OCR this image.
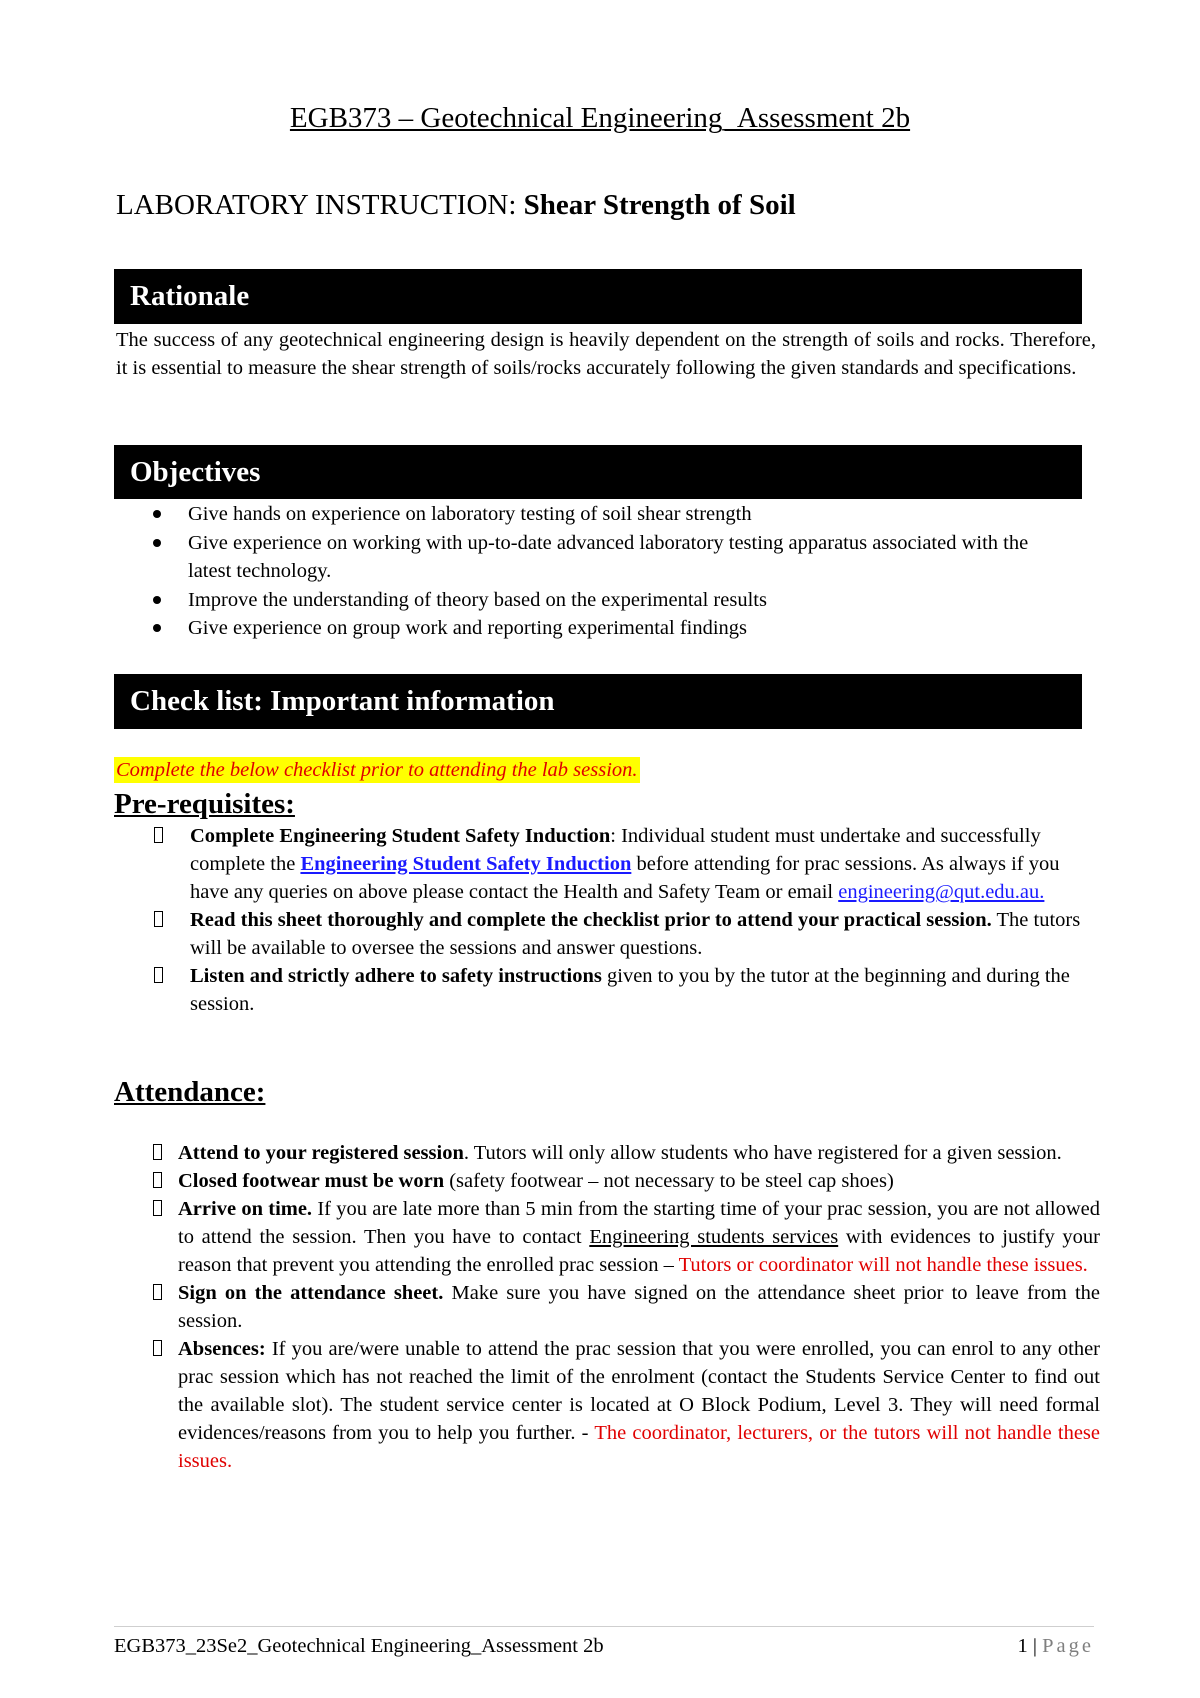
EGB373 – Geotechnical Engineering_Assessment 2b
LABORATORY INSTRUCTION: Shear Strength of Soil
Rationale
The success of any geotechnical engineering design is heavily dependent on the strength of soils and rocks. Therefore, it is essential to measure the shear strength of soils/rocks accurately following the given standards and specifications.
Objectives
Give hands on experience on laboratory testing of soil shear strength
Give experience on working with up-to-date advanced laboratory testing apparatus associated with the latest technology.
Improve the understanding of theory based on the experimental results
Give experience on group work and reporting experimental findings
Check list: Important information
Complete the below checklist prior to attending the lab session.
Pre-requisites:
Complete Engineering Student Safety Induction: Individual student must undertake and successfully complete the Engineering Student Safety Induction before attending for prac sessions. As always if you have any queries on above please contact the Health and Safety Team or email engineering@qut.edu.au.
Read this sheet thoroughly and complete the checklist prior to attend your practical session. The tutors will be available to oversee the sessions and answer questions.
Listen and strictly adhere to safety instructions given to you by the tutor at the beginning and during the session.
Attendance:
Attend to your registered session. Tutors will only allow students who have registered for a given session.
Closed footwear must be worn (safety footwear – not necessary to be steel cap shoes)
Arrive on time. If you are late more than 5 min from the starting time of your prac session, you are not allowed to attend the session. Then you have to contact Engineering students services with evidences to justify your reason that prevent you attending the enrolled prac session – Tutors or coordinator will not handle these issues.
Sign on the attendance sheet. Make sure you have signed on the attendance sheet prior to leave from the session.
Absences: If you are/were unable to attend the prac session that you were enrolled, you can enrol to any other prac session which has not reached the limit of the enrolment (contact the Students Service Center to find out the available slot). The student service center is located at O Block Podium, Level 3. They will need formal evidences/reasons from you to help you further. - The coordinator, lecturers, or the tutors will not handle these issues.
EGB373_23Se2_Geotechnical Engineering_Assessment 2b	1 | Page
